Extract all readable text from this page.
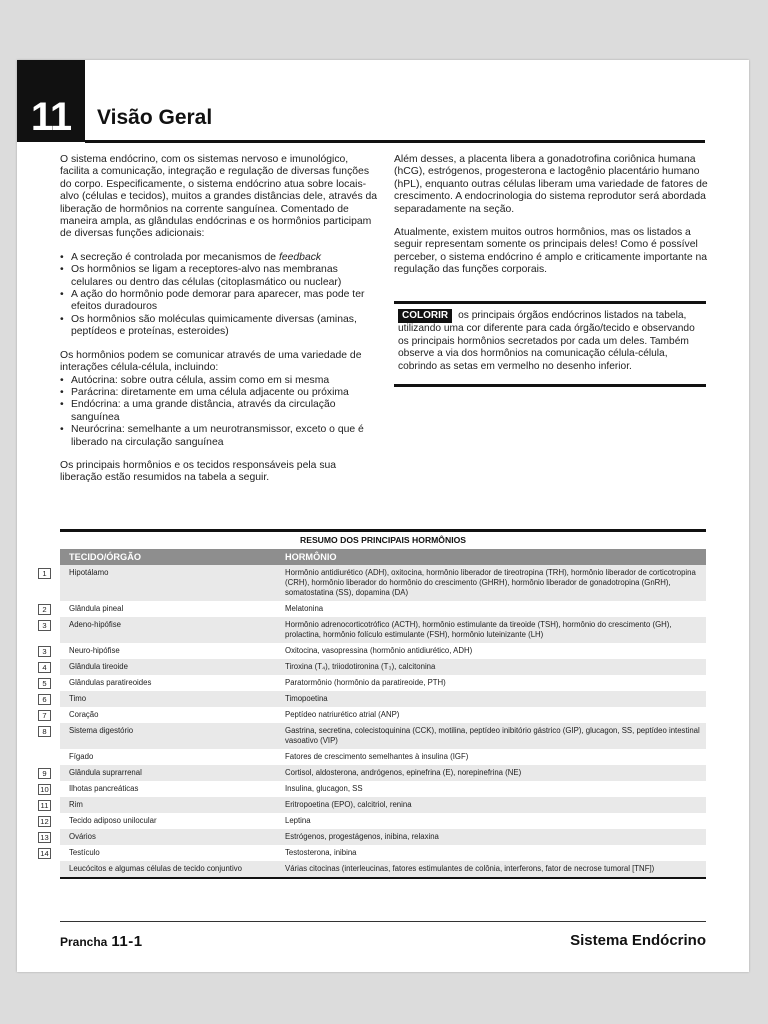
11	Visão Geral

O sistema endócrino, com os sistemas nervoso e imunológico, facilita a comunicação, integração e regulação de diversas funções do corpo. Especificamente, o sistema endócrino atua sobre locais-alvo (células e tecidos), muitos a grandes distâncias dele, através da liberação de hormônios na corrente sanguínea. Comentado de maneira ampla, as glândulas endócrinas e os hormônios participam de diversas funções adicionais:

• A secreção é controlada por mecanismos de feedback
• Os hormônios se ligam a receptores-alvo nas membranas celulares ou dentro das células (citoplasmático ou nuclear)
• A ação do hormônio pode demorar para aparecer, mas pode ter efeitos duradouros
• Os hormônios são moléculas quimicamente diversas (aminas, peptídeos e proteínas, esteroides)

Os hormônios podem se comunicar através de uma variedade de interações célula-célula, incluindo:

• Autócrina: sobre outra célula, assim como em si mesma
• Parácrina: diretamente em uma célula adjacente ou próxima
• Endócrina: a uma grande distância, através da circulação sanguínea
• Neurócrina: semelhante a um neurotransmissor, exceto o que é liberado na circulação sanguínea

Os principais hormônios e os tecidos responsáveis pela sua liberação estão resumidos na tabela a seguir.

Além desses, a placenta libera a gonadotrofina coriônica humana (hCG), estrógenos, progesterona e lactogênio placentário humano (hPL), enquanto outras células liberam uma variedade de fatores de crescimento. A endocrinologia do sistema reprodutor será abordada separadamente na seção.

Atualmente, existem muitos outros hormônios, mas os listados a seguir representam somente os principais deles! Como é possível perceber, o sistema endócrino é amplo e criticamente importante na regulação das funções corporais.

COLORIR os principais órgãos endócrinos listados na tabela, utilizando uma cor diferente para cada órgão/tecido e observando os principais hormônios secretados por cada um deles. Também observe a via dos hormônios na comunicação célula-célula, cobrindo as setas em vermelho no desenho inferior.
RESUMO DOS PRINCIPAIS HORMÔNIOS
TECIDO/ÓRGÃO	HORMÔNIO
1	Hipotálamo	Hormônio antidiurético (ADH), oxitocina, hormônio liberador de tireotropina (TRH), hormônio liberador de corticotropina (CRH), hormônio liberador do hormônio do crescimento (GHRH), hormônio liberador de gonadotropina (GnRH), somatostatina (SS), dopamina (DA)
2	Glândula pineal	Melatonina
3	Adeno-hipófise	Hormônio adrenocorticotrófico (ACTH), hormônio estimulante da tireoide (TSH), hormônio do crescimento (GH), prolactina, hormônio folículo estimulante (FSH), hormônio luteinizante (LH)
3	Neuro-hipófise	Oxitocina, vasopressina (hormônio antidiurético, ADH)
4	Glândula tireoide	Tiroxina (T₄), triiodotironina (T₃), calcitonina
5	Glândulas paratireoides	Paratormônio (hormônio da paratireoide, PTH)
6	Timo	Timopoetina
7	Coração	Peptídeo natriurético atrial (ANP)
8	Sistema digestório	Gastrina, secretina, colecistoquinina (CCK), motilina, peptídeo inibitório gástrico (GIP), glucagon, SS, peptídeo intestinal vasoativo (VIP)
Fígado	Fatores de crescimento semelhantes à insulina (IGF)
9	Glândula suprarrenal	Cortisol, aldosterona, andrógenos, epinefrina (E), norepinefrina (NE)
10	Ilhotas pancreáticas	Insulina, glucagon, SS
11	Rim	Eritropoetina (EPO), calcitriol, renina
12	Tecido adiposo unilocular	Leptina
13	Ovários	Estrógenos, progestágenos, inibina, relaxina
14	Testículo	Testosterona, inibina
Leucócitos e algumas células de tecido conjuntivo	Várias citocinas (interleucinas, fatores estimulantes de colônia, interferons, fator de necrose tumoral [TNF])
Prancha 11-1	Sistema Endócrino
